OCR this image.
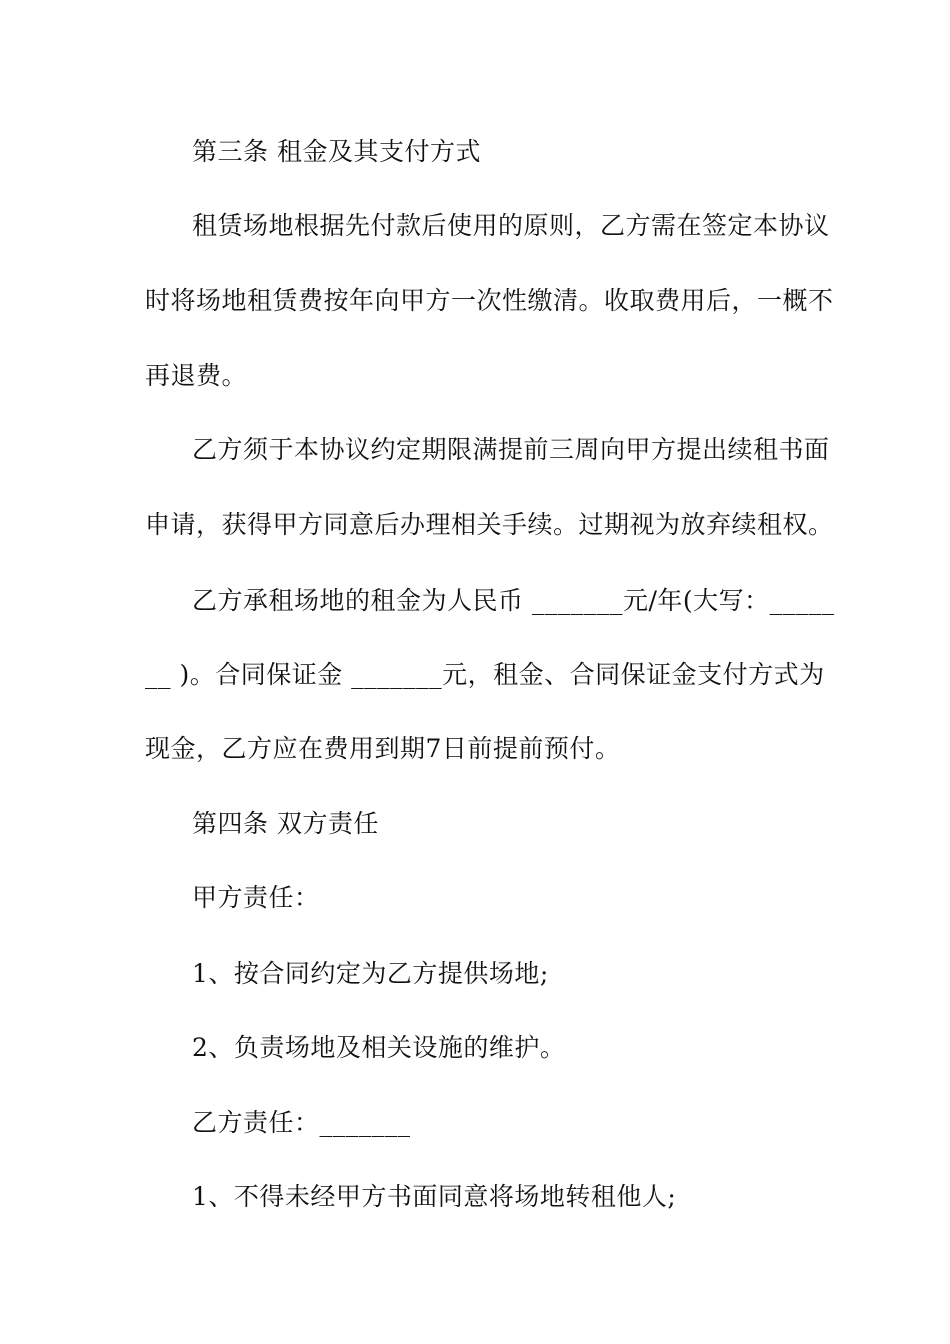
第三条 租金及其支付方式
租赁场地根据先付款后使用的原则，乙方需在签定本协议
时将场地租赁费按年向甲方一次性缴清。收取费用后，一概不
再退费。
乙方须于本协议约定期限满提前三周向甲方提出续租书面
申请，获得甲方同意后办理相关手续。过期视为放弃续租权。
乙方承租场地的租金为人民币 _______元/年(大写：_____
__ )。合同保证金 _______元，租金、合同保证金支付方式为
现金，乙方应在费用到期7日前提前预付。
第四条 双方责任
甲方责任：
1、按合同约定为乙方提供场地;
2、负责场地及相关设施的维护。
乙方责任：_______
1、不得未经甲方书面同意将场地转租他人;
